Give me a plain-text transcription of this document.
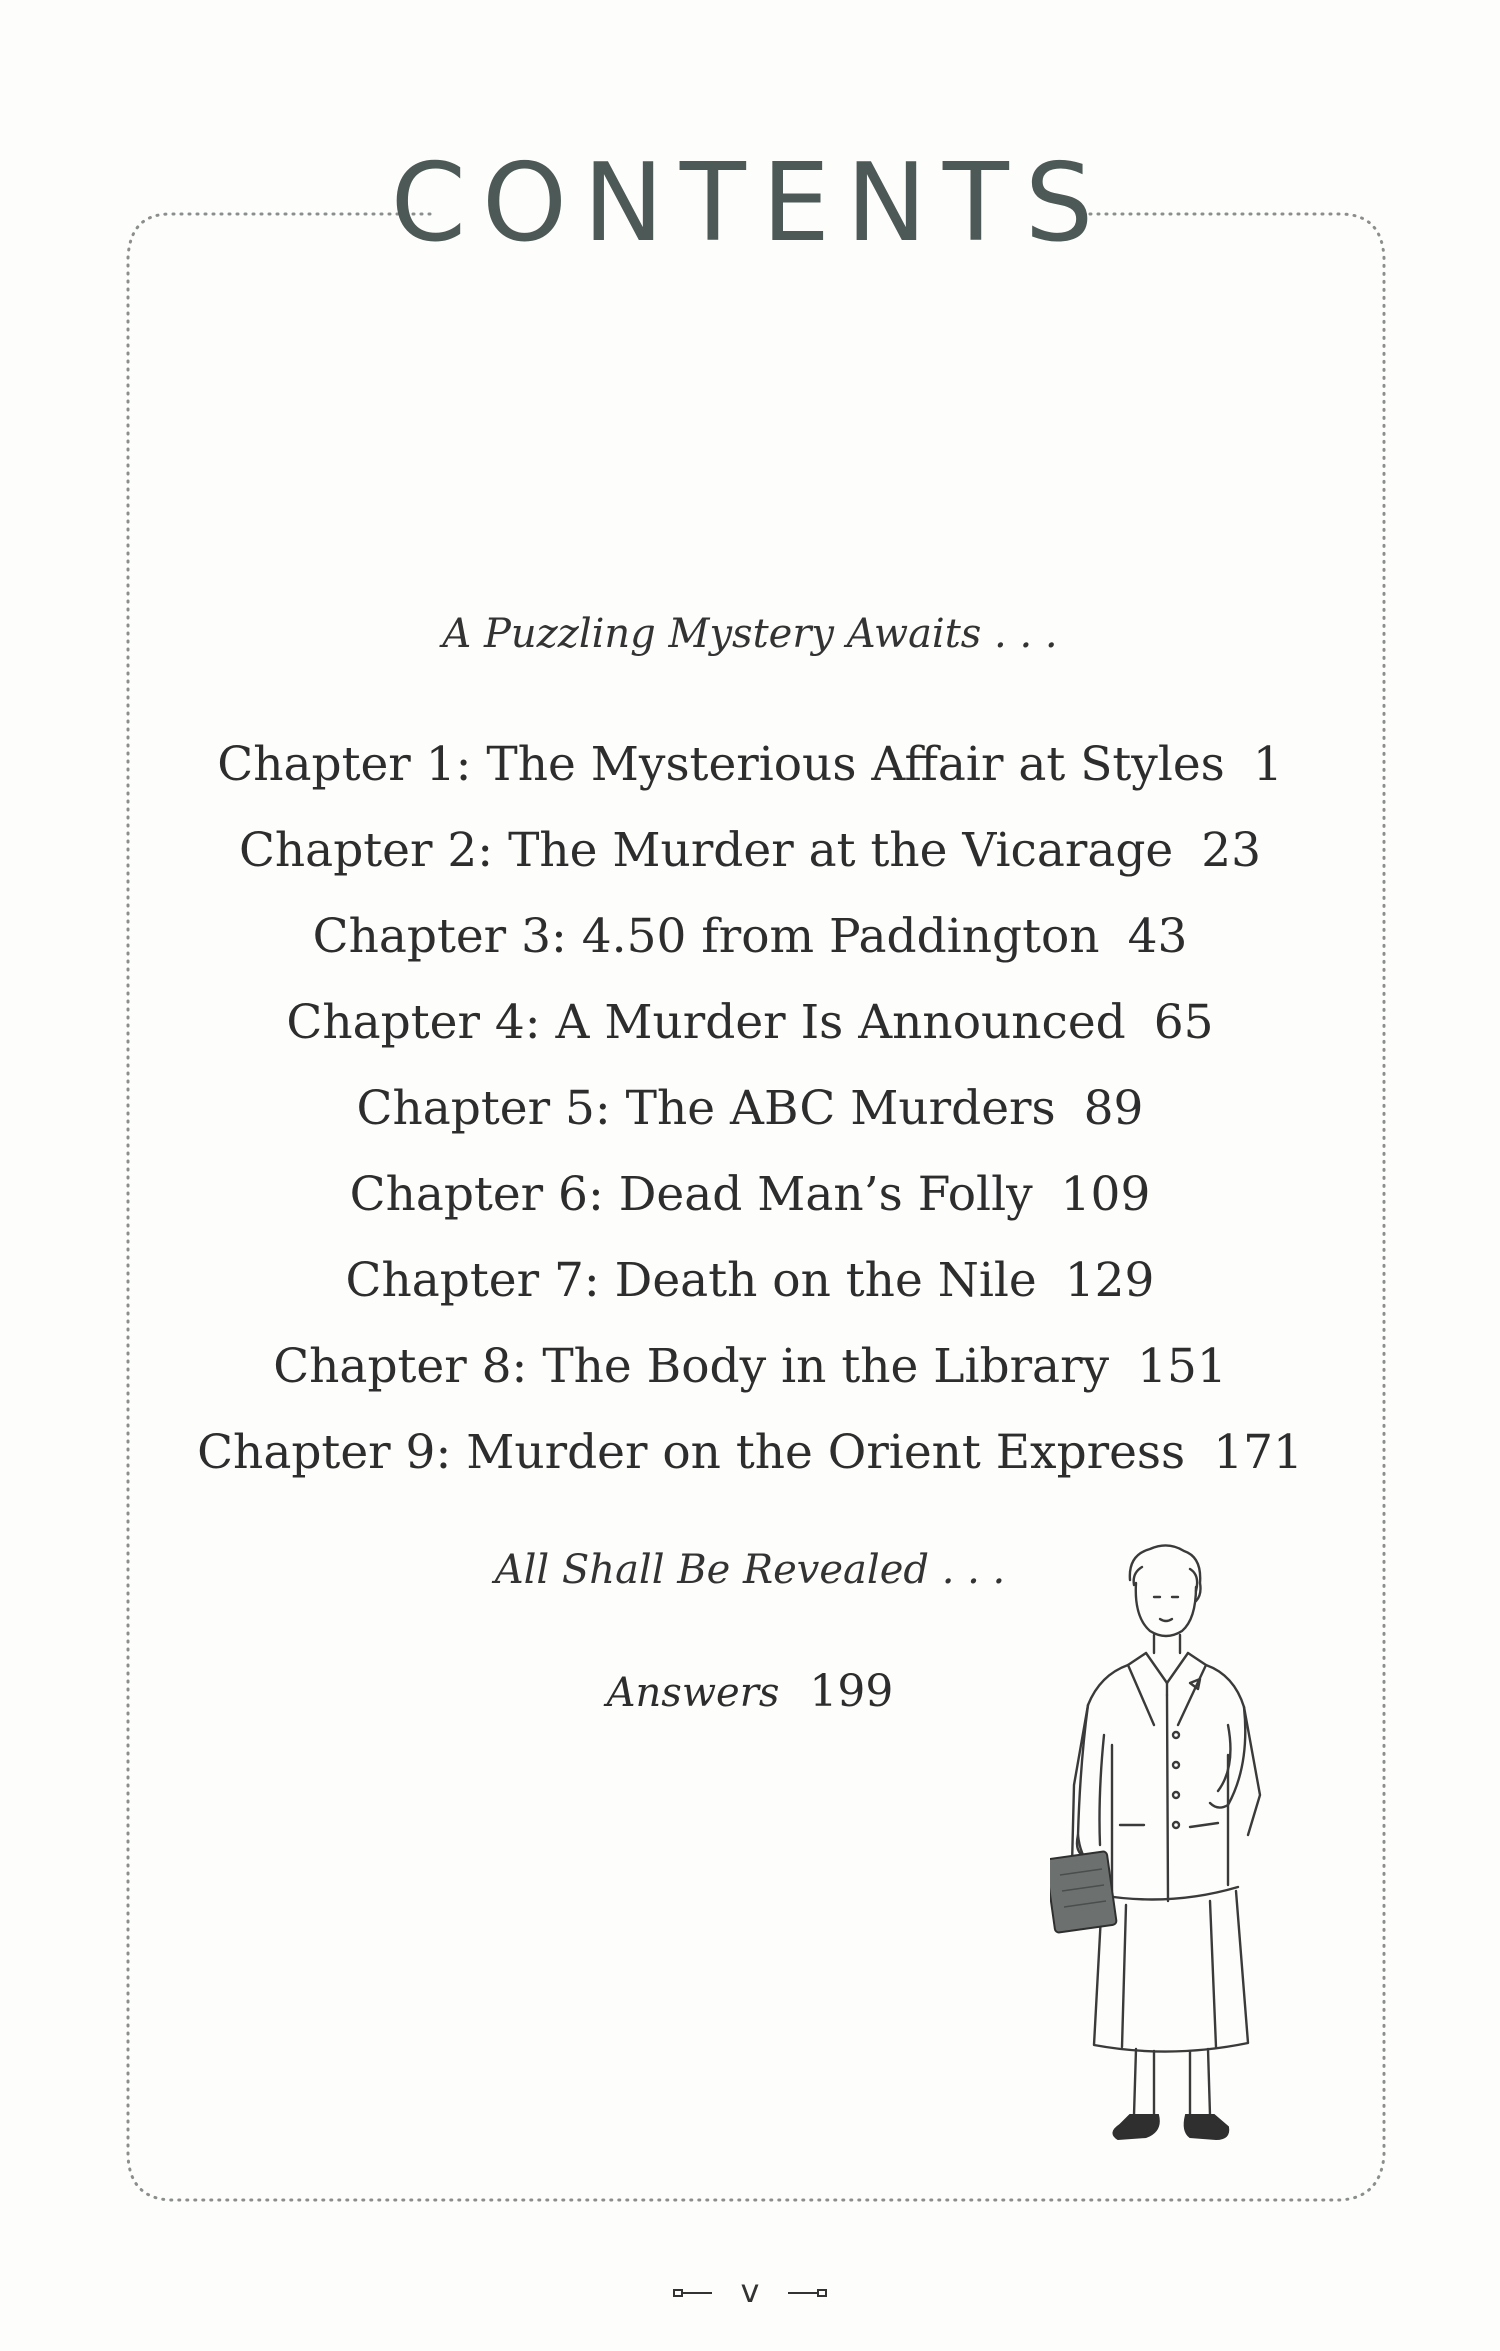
CONTENTS
A Puzzling Mystery Awaits . . .
Chapter 1: The Mysterious Affair at Styles 1
Chapter 2: The Murder at the Vicarage 23
Chapter 3: 4.50 from Paddington 43
Chapter 4: A Murder Is Announced 65
Chapter 5: The ABC Murders 89
Chapter 6: Dead Man’s Folly 109
Chapter 7: Death on the Nile 129
Chapter 8: The Body in the Library 151
Chapter 9: Murder on the Orient Express 171
All Shall Be Revealed . . .
Answers 199
v
